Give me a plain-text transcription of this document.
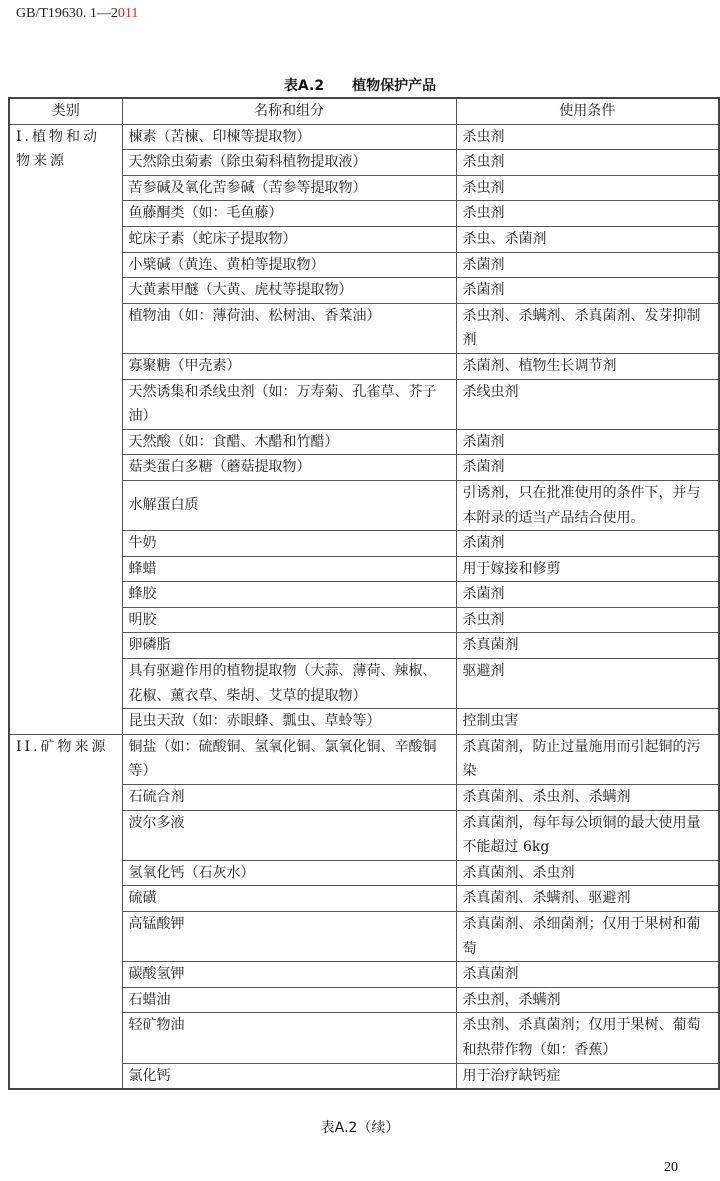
GB/T19630. 1—2011
表A.2 植物保护产品
类别	名称和组分	使用条件

I.植物和动物来源	楝素（苦楝、印楝等提取物）	杀虫剂
	天然除虫菊素（除虫菊科植物提取液）	杀虫剂
	苦参碱及氧化苦参碱（苦参等提取物）	杀虫剂
	鱼藤酮类（如：毛鱼藤）	杀虫剂
	蛇床子素（蛇床子提取物）	杀虫、杀菌剂
	小檗碱（黄连、黄柏等提取物）	杀菌剂
	大黄素甲醚（大黄、虎杖等提取物）	杀菌剂
	植物油（如：薄荷油、松树油、香菜油）	杀虫剂、杀螨剂、杀真菌剂、发芽抑制剂
	寡聚糖（甲壳素）	杀菌剂、植物生长调节剂
	天然诱集和杀线虫剂（如：万寿菊、孔雀草、芥子油）	杀线虫剂
	天然酸（如：食醋、木醋和竹醋）	杀菌剂
	菇类蛋白多糖（蘑菇提取物）	杀菌剂
	水解蛋白质	引诱剂，只在批准使用的条件下，并与本附录的适当产品结合使用。
	牛奶	杀菌剂
	蜂蜡	用于嫁接和修剪
	蜂胶	杀菌剂
	明胶	杀虫剂
	卵磷脂	杀真菌剂
	具有驱避作用的植物提取物（大蒜、薄荷、辣椒、花椒、薰衣草、柴胡、艾草的提取物）	驱避剂
	昆虫天敌（如：赤眼蜂、瓢虫、草蛉等）	控制虫害

II.矿物来源	铜盐（如：硫酸铜、氢氧化铜、氯氧化铜、辛酸铜等）	杀真菌剂，防止过量施用而引起铜的污染
	石硫合剂	杀真菌剂、杀虫剂、杀螨剂
	波尔多液	杀真菌剂，每年每公顷铜的最大使用量不能超过 6kg
	氢氧化钙（石灰水）	杀真菌剂、杀虫剂
	硫磺	杀真菌剂、杀螨剂、驱避剂
	高锰酸钾	杀真菌剂、杀细菌剂；仅用于果树和葡萄
	碳酸氢钾	杀真菌剂
	石蜡油	杀虫剂，杀螨剂
	轻矿物油	杀虫剂、杀真菌剂；仅用于果树、葡萄和热带作物（如：香蕉）
	氯化钙	用于治疗缺钙症
表A.2（续）
20
